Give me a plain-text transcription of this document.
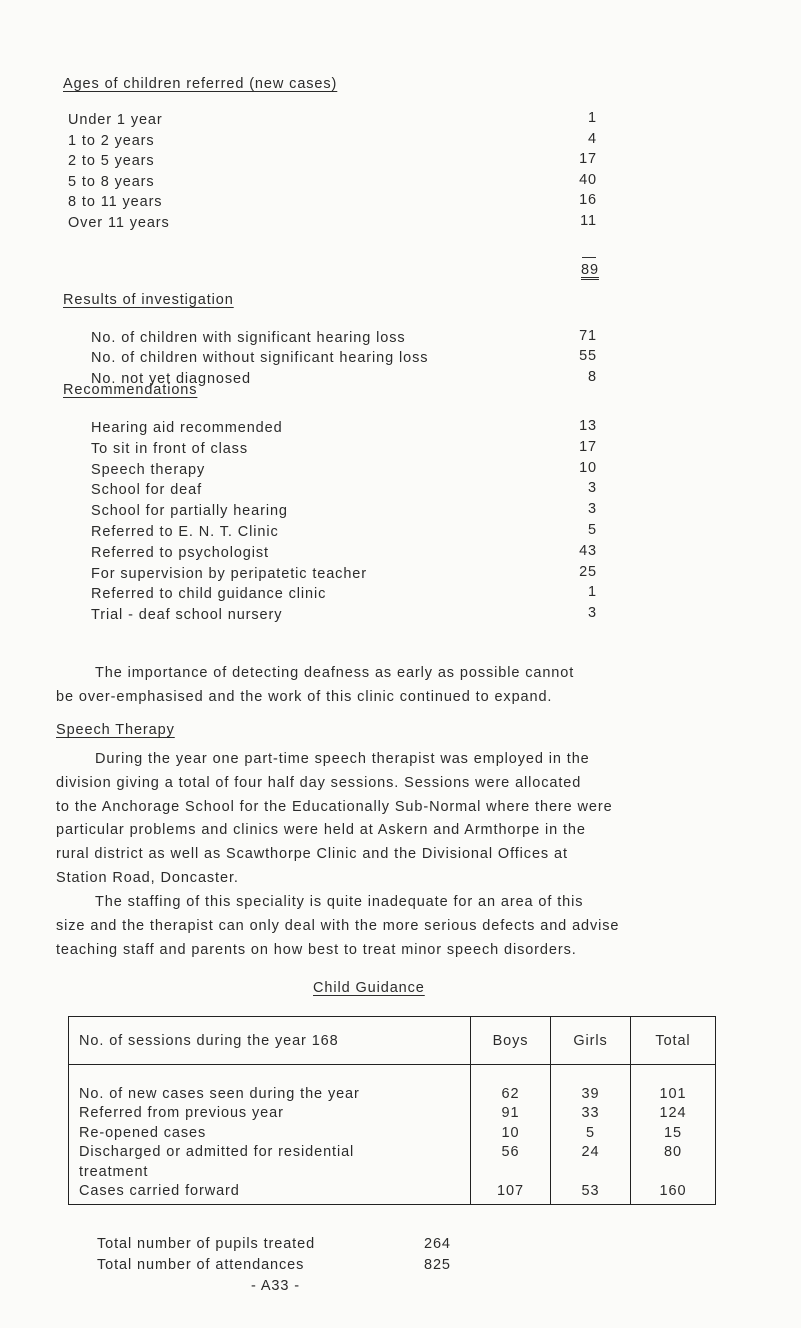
Ages of children referred (new cases)
Under 1 year	1
1 to 2 years	4
2 to 5 years	17
5 to 8 years	40
8 to 11 years	16
Over 11 years	11
89
Results of investigation
No. of children with significant hearing loss	71
No. of children without significant hearing loss	55
No. not yet diagnosed	8
Recommendations
Hearing aid recommended	13
To sit in front of class	17
Speech therapy	10
School for deaf	3
School for partially hearing	3
Referred to E. N. T. Clinic	5
Referred to psychologist	43
For supervision by peripatetic teacher	25
Referred to child guidance clinic	1
Trial - deaf school nursery	3
The importance of detecting deafness as early as possible cannot
be over-emphasised and the work of this clinic continued to expand.
Speech Therapy
During the year one part-time speech therapist was employed in the
division giving a total of four half day sessions. Sessions were allocated
to the Anchorage School for the Educationally Sub-Normal where there were
particular problems and clinics were held at Askern and Armthorpe in the
rural district as well as Scawthorpe Clinic and the Divisional Offices at
Station Road, Doncaster.
The staffing of this speciality is quite inadequate for an area of this
size and the therapist can only deal with the more serious defects and advise
teaching staff and parents on how best to treat minor speech disorders.
Child Guidance
No. of sessions during the year 168	Boys	Girls	Total

No. of new cases seen during the year	62	39	101
Referred from previous year	91	33	124
Re-opened cases	10	5	15
Discharged or admitted for residential	56	24	80
treatment			
Cases carried forward	107	53	160
Total number of pupils treated	264
Total number of attendances	825
- A33 -
